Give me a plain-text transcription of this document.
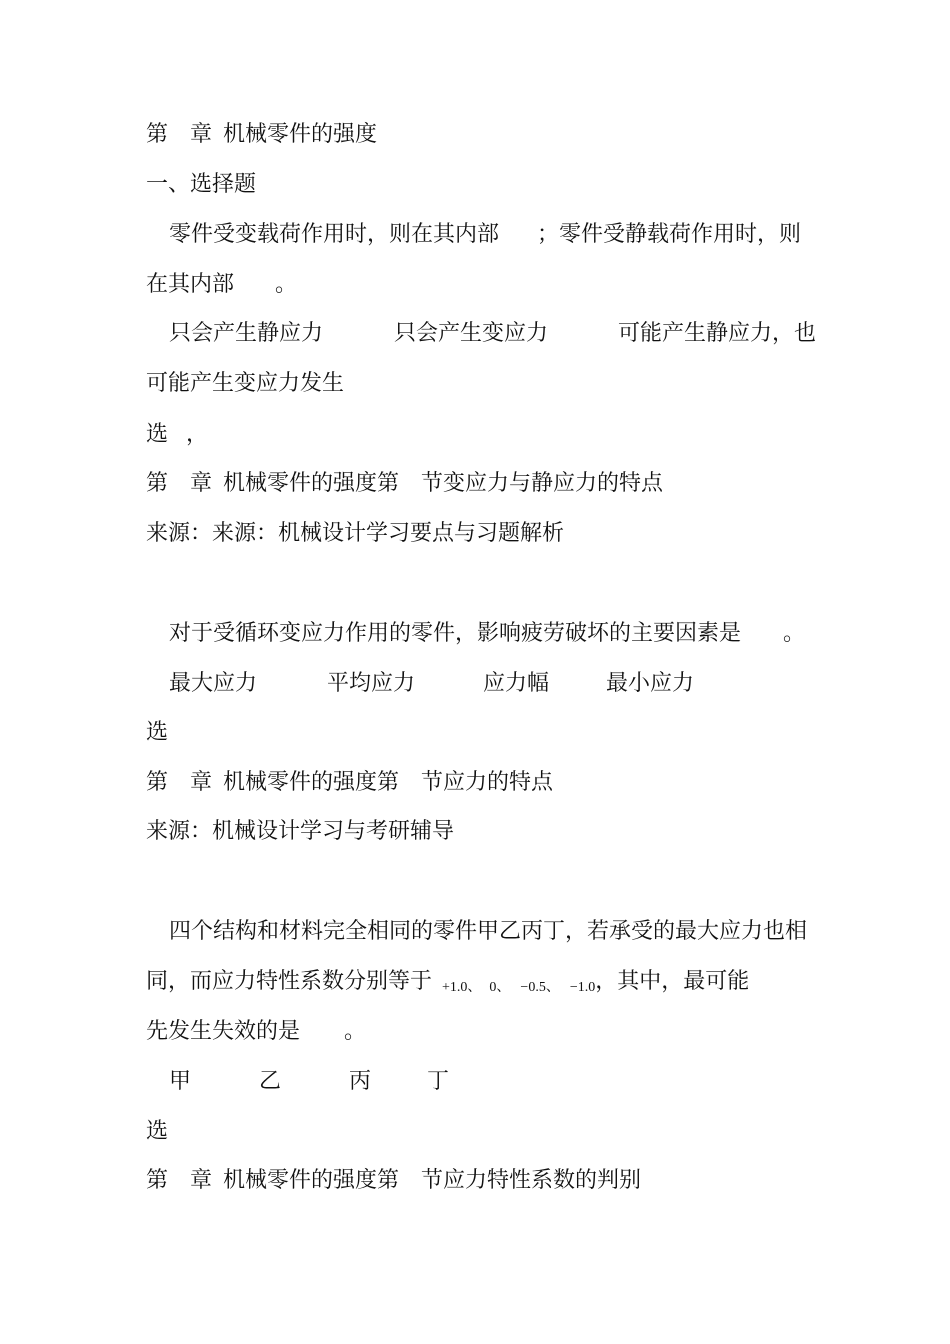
第 章 机械零件的强度
一、选择题
零件受变载荷作用时，则在其内部 ；零件受静载荷作用时，则
在其内部 。
只会产生静应力	只会产生变应力	可能产生静应力，也
可能产生变应力发生
选 ，
第 章 机械零件的强度第 节变应力与静应力的特点
来源：来源：机械设计学习要点与习题解析
对于受循环变应力作用的零件，影响疲劳破坏的主要因素是 。
最大应力	平均应力	应力幅	最小应力
选
第 章 机械零件的强度第 节应力的特点
来源：机械设计学习与考研辅导
四个结构和材料完全相同的零件甲乙丙丁，若承受的最大应力也相
同，而应力特性系数分别等于 +1.0、 0、 −0.5、 −1.0，其中，最可能
先发生失效的是 。
甲	乙	丙	丁
选
第 章 机械零件的强度第 节应力特性系数的判别
